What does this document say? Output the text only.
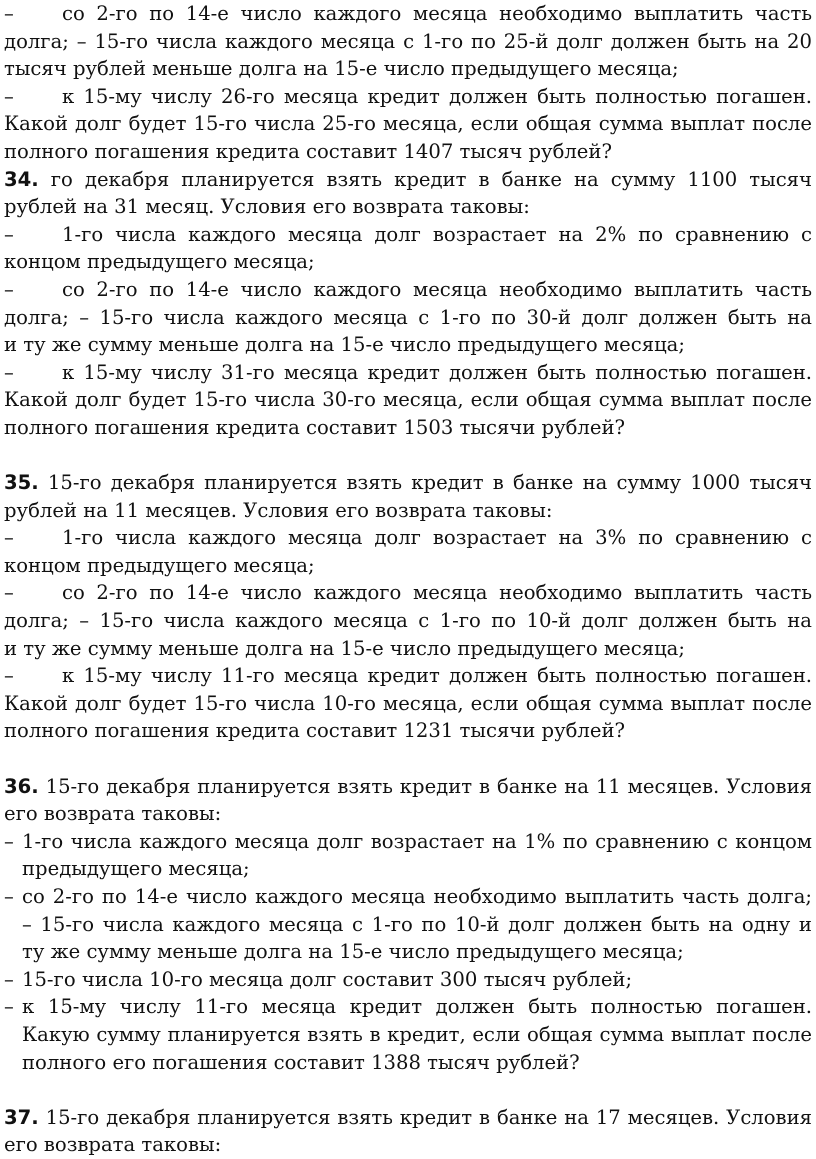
– со 2-го по 14-е число каждого месяца необходимо выплатить часть
долга; – 15-го числа каждого месяца с 1-го по 25-й долг должен быть на 20
тысяч рублей меньше долга на 15-е число предыдущего месяца;
– к 15-му числу 26-го месяца кредит должен быть полностью погашен.
Какой долг будет 15-го числа 25-го месяца, если общая сумма выплат после
полного погашения кредита составит 1407 тысяч рублей?
34. го декабря планируется взять кредит в банке на сумму 1100 тысяч
рублей на 31 месяц. Условия его возврата таковы:
– 1-го числа каждого месяца долг возрастает на 2% по сравнению с
концом предыдущего месяца;
– со 2-го по 14-е число каждого месяца необходимо выплатить часть
долга; – 15-го числа каждого месяца с 1-го по 30-й долг должен быть на
и ту же сумму меньше долга на 15-е число предыдущего месяца;
– к 15-му числу 31-го месяца кредит должен быть полностью погашен.
Какой долг будет 15-го числа 30-го месяца, если общая сумма выплат после
полного погашения кредита составит 1503 тысячи рублей?
35. 15-го декабря планируется взять кредит в банке на сумму 1000 тысяч
рублей на 11 месяцев. Условия его возврата таковы:
– 1-го числа каждого месяца долг возрастает на 3% по сравнению с
концом предыдущего месяца;
– со 2-го по 14-е число каждого месяца необходимо выплатить часть
долга; – 15-го числа каждого месяца с 1-го по 10-й долг должен быть на
и ту же сумму меньше долга на 15-е число предыдущего месяца;
– к 15-му числу 11-го месяца кредит должен быть полностью погашен.
Какой долг будет 15-го числа 10-го месяца, если общая сумма выплат после
полного погашения кредита составит 1231 тысячи рублей?
36. 15-го декабря планируется взять кредит в банке на 11 месяцев. Условия
его возврата таковы:
– 1-го числа каждого месяца долг возрастает на 1% по сравнению с концом
предыдущего месяца;
– со 2-го по 14-е число каждого месяца необходимо выплатить часть долга;
– 15-го числа каждого месяца с 1-го по 10-й долг должен быть на одну и
ту же сумму меньше долга на 15-е число предыдущего месяца;
– 15-го числа 10-го месяца долг составит 300 тысяч рублей;
– к 15-му числу 11-го месяца кредит должен быть полностью погашен.
Какую сумму планируется взять в кредит, если общая сумма выплат после
полного его погашения составит 1388 тысяч рублей?
37. 15-го декабря планируется взять кредит в банке на 17 месяцев. Условия
его возврата таковы:
